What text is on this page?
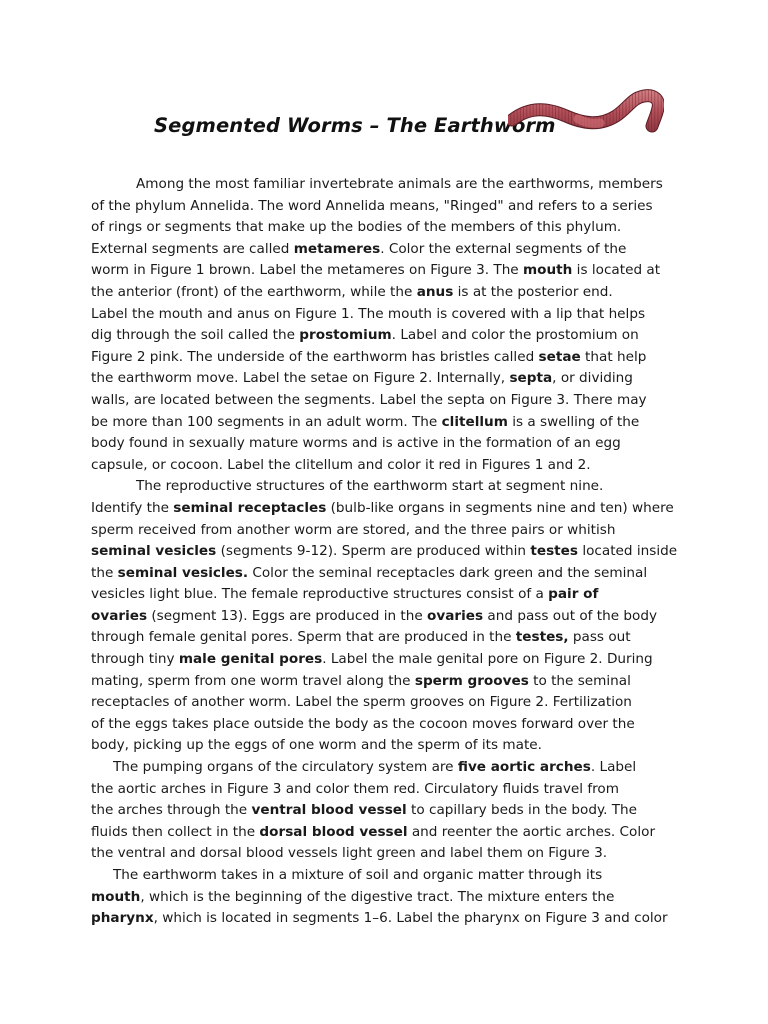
Segmented Worms – The Earthworm
Among the most familiar invertebrate animals are the earthworms, members
of the phylum Annelida. The word Annelida means, "Ringed" and refers to a series
of rings or segments that make up the bodies of the members of this phylum.
External segments are called metameres. Color the external segments of the
worm in Figure 1 brown. Label the metameres on Figure 3. The mouth is located at
the anterior (front) of the earthworm, while the anus is at the posterior end.
Label the mouth and anus on Figure 1. The mouth is covered with a lip that helps
dig through the soil called the prostomium. Label and color the prostomium on
Figure 2 pink. The underside of the earthworm has bristles called setae that help
the earthworm move. Label the setae on Figure 2. Internally, septa, or dividing
walls, are located between the segments. Label the septa on Figure 3. There may
be more than 100 segments in an adult worm. The clitellum is a swelling of the
body found in sexually mature worms and is active in the formation of an egg
capsule, or cocoon. Label the clitellum and color it red in Figures 1 and 2.
The reproductive structures of the earthworm start at segment nine.
Identify the seminal receptacles (bulb-like organs in segments nine and ten) where
sperm received from another worm are stored, and the three pairs or whitish
seminal vesicles (segments 9-12). Sperm are produced within testes located inside
the seminal vesicles. Color the seminal receptacles dark green and the seminal
vesicles light blue. The female reproductive structures consist of a pair of
ovaries (segment 13). Eggs are produced in the ovaries and pass out of the body
through female genital pores. Sperm that are produced in the testes, pass out
through tiny male genital pores. Label the male genital pore on Figure 2. During
mating, sperm from one worm travel along the sperm grooves to the seminal
receptacles of another worm. Label the sperm grooves on Figure 2. Fertilization
of the eggs takes place outside the body as the cocoon moves forward over the
body, picking up the eggs of one worm and the sperm of its mate.
The pumping organs of the circulatory system are five aortic arches. Label
the aortic arches in Figure 3 and color them red. Circulatory fluids travel from
the arches through the ventral blood vessel to capillary beds in the body. The
fluids then collect in the dorsal blood vessel and reenter the aortic arches. Color
the ventral and dorsal blood vessels light green and label them on Figure 3.
The earthworm takes in a mixture of soil and organic matter through its
mouth, which is the beginning of the digestive tract. The mixture enters the
pharynx, which is located in segments 1–6. Label the pharynx on Figure 3 and color
